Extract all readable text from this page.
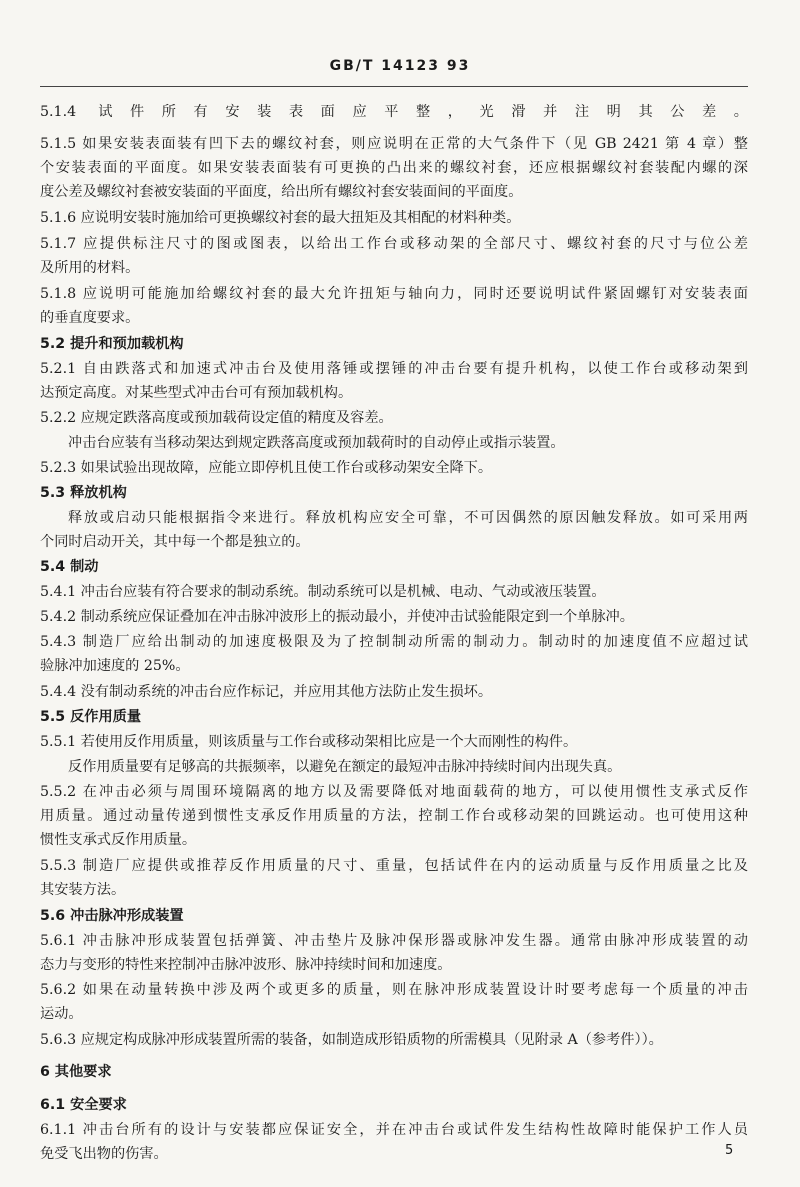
GB/T 14123 93
5.1.4 试件所有安装表面应平整，光滑并注明其公差。
5.1.5 如果安装表面装有凹下去的螺纹衬套，则应说明在正常的大气条件下（见 GB 2421 第 4 章）整
个安装表面的平面度。如果安装表面装有可更换的凸出来的螺纹衬套，还应根据螺纹衬套装配内螺的深
度公差及螺纹衬套被安装面的平面度，给出所有螺纹衬套安装面间的平面度。
5.1.6 应说明安装时施加给可更换螺纹衬套的最大扭矩及其相配的材料种类。
5.1.7 应提供标注尺寸的图或图表，以给出工作台或移动架的全部尺寸、螺纹衬套的尺寸与位公差
及所用的材料。
5.1.8 应说明可能施加给螺纹衬套的最大允许扭矩与轴向力，同时还要说明试件紧固螺钉对安装表面
的垂直度要求。
5.2 提升和预加载机构
5.2.1 自由跌落式和加速式冲击台及使用落锤或摆锤的冲击台要有提升机构，以使工作台或移动架到
达预定高度。对某些型式冲击台可有预加载机构。
5.2.2 应规定跌落高度或预加载荷设定值的精度及容差。
冲击台应装有当移动架达到规定跌落高度或预加载荷时的自动停止或指示装置。
5.2.3 如果试验出现故障，应能立即停机且使工作台或移动架安全降下。
5.3 释放机构
释放或启动只能根据指令来进行。释放机构应安全可靠，不可因偶然的原因触发释放。如可采用两
个同时启动开关，其中每一个都是独立的。
5.4 制动
5.4.1 冲击台应装有符合要求的制动系统。制动系统可以是机械、电动、气动或液压装置。
5.4.2 制动系统应保证叠加在冲击脉冲波形上的振动最小，并使冲击试验能限定到一个单脉冲。
5.4.3 制造厂应给出制动的加速度极限及为了控制制动所需的制动力。制动时的加速度值不应超过试
验脉冲加速度的 25%。
5.4.4 没有制动系统的冲击台应作标记，并应用其他方法防止发生损坏。
5.5 反作用质量
5.5.1 若使用反作用质量，则该质量与工作台或移动架相比应是一个大而刚性的构件。
反作用质量要有足够高的共振频率，以避免在额定的最短冲击脉冲持续时间内出现失真。
5.5.2 在冲击必须与周围环境隔离的地方以及需要降低对地面载荷的地方，可以使用惯性支承式反作
用质量。通过动量传递到惯性支承反作用质量的方法，控制工作台或移动架的回跳运动。也可使用这种
惯性支承式反作用质量。
5.5.3 制造厂应提供或推荐反作用质量的尺寸、重量，包括试件在内的运动质量与反作用质量之比及
其安装方法。
5.6 冲击脉冲形成装置
5.6.1 冲击脉冲形成装置包括弹簧、冲击垫片及脉冲保形器或脉冲发生器。通常由脉冲形成装置的动
态力与变形的特性来控制冲击脉冲波形、脉冲持续时间和加速度。
5.6.2 如果在动量转换中涉及两个或更多的质量，则在脉冲形成装置设计时要考虑每一个质量的冲击
运动。
5.6.3 应规定构成脉冲形成装置所需的装备，如制造成形铅质物的所需模具（见附录 A（参考件））。
6 其他要求
6.1 安全要求
6.1.1 冲击台所有的设计与安装都应保证安全，并在冲击台或试件发生结构性故障时能保护工作人员
免受飞出物的伤害。	5
